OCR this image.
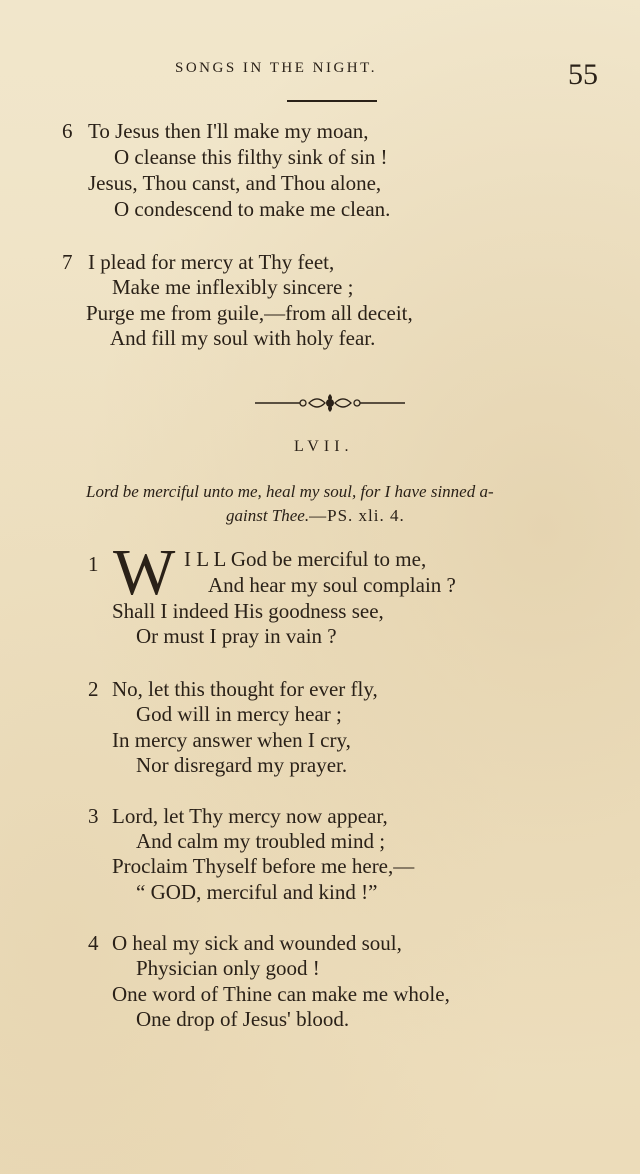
SONGS IN THE NIGHT.	55
6 To Jesus then I'll make my moan,
O cleanse this filthy sink of sin !
Jesus, Thou canst, and Thou alone,
O condescend to make me clean.
7 I plead for mercy at Thy feet,
Make me inflexibly sincere ;
Purge me from guile,—from all deceit,
And fill my soul with holy fear.
LVII.
Lord be merciful unto me, heal my soul, for I have sinned a-
gainst Thee.—PS. xli. 4.
1 W I L L God be merciful to me,
And hear my soul complain ?
Shall I indeed His goodness see,
Or must I pray in vain ?
2 No, let this thought for ever fly,
God will in mercy hear ;
In mercy answer when I cry,
Nor disregard my prayer.
3 Lord, let Thy mercy now appear,
And calm my troubled mind ;
Proclaim Thyself before me here,—
“ GOD, merciful and kind !”
4 O heal my sick and wounded soul,
Physician only good !
One word of Thine can make me whole,
One drop of Jesus' blood.
